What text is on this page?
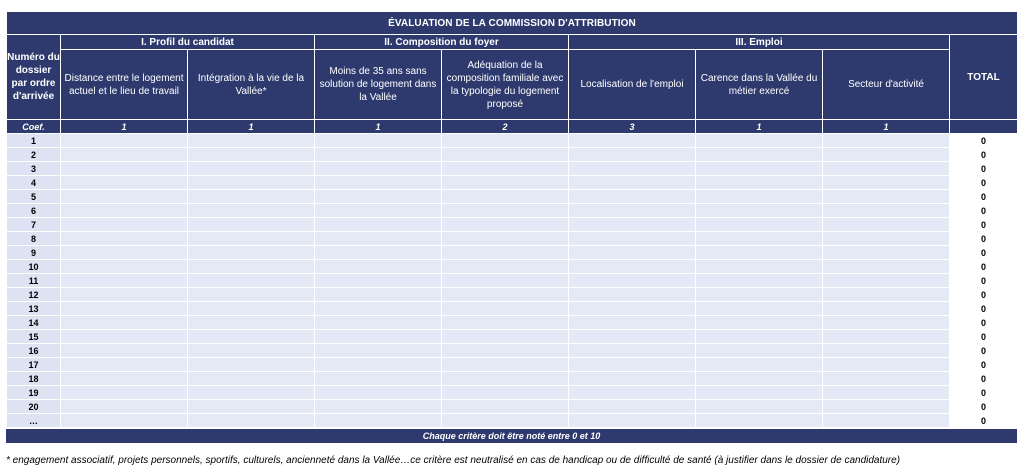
ÉVALUATION DE LA COMMISSION D'ATTRIBUTION								
Numéro du dossier par ordre d'arrivée	I. Profil du candidat		II. Composition du foyer		III. Emploi			TOTAL
	Distance entre le logement actuel et le lieu de travail	Intégration à la vie de la Vallée*	Moins de 35 ans sans solution de logement dans la Vallée	Adéquation de la composition familiale avec la typologie du logement proposé	Localisation de l'emploi	Carence dans la Vallée du métier exercé	Secteur d'activité	
Coef.	1	1	1	2	3	1	1	
1								0
2								0
3								0
4								0
5								0
6								0
7								0
8								0
9								0
10								0
11								0
12								0
13								0
14								0
15								0
16								0
17								0
18								0
19								0
20								0
…								0
Chaque critère doit être noté entre 0 et 10
* engagement associatif, projets personnels, sportifs, culturels, ancienneté dans la Vallée…ce critère est neutralisé en cas de handicap ou de difficulté de santé (à justifier dans le dossier de candidature)
